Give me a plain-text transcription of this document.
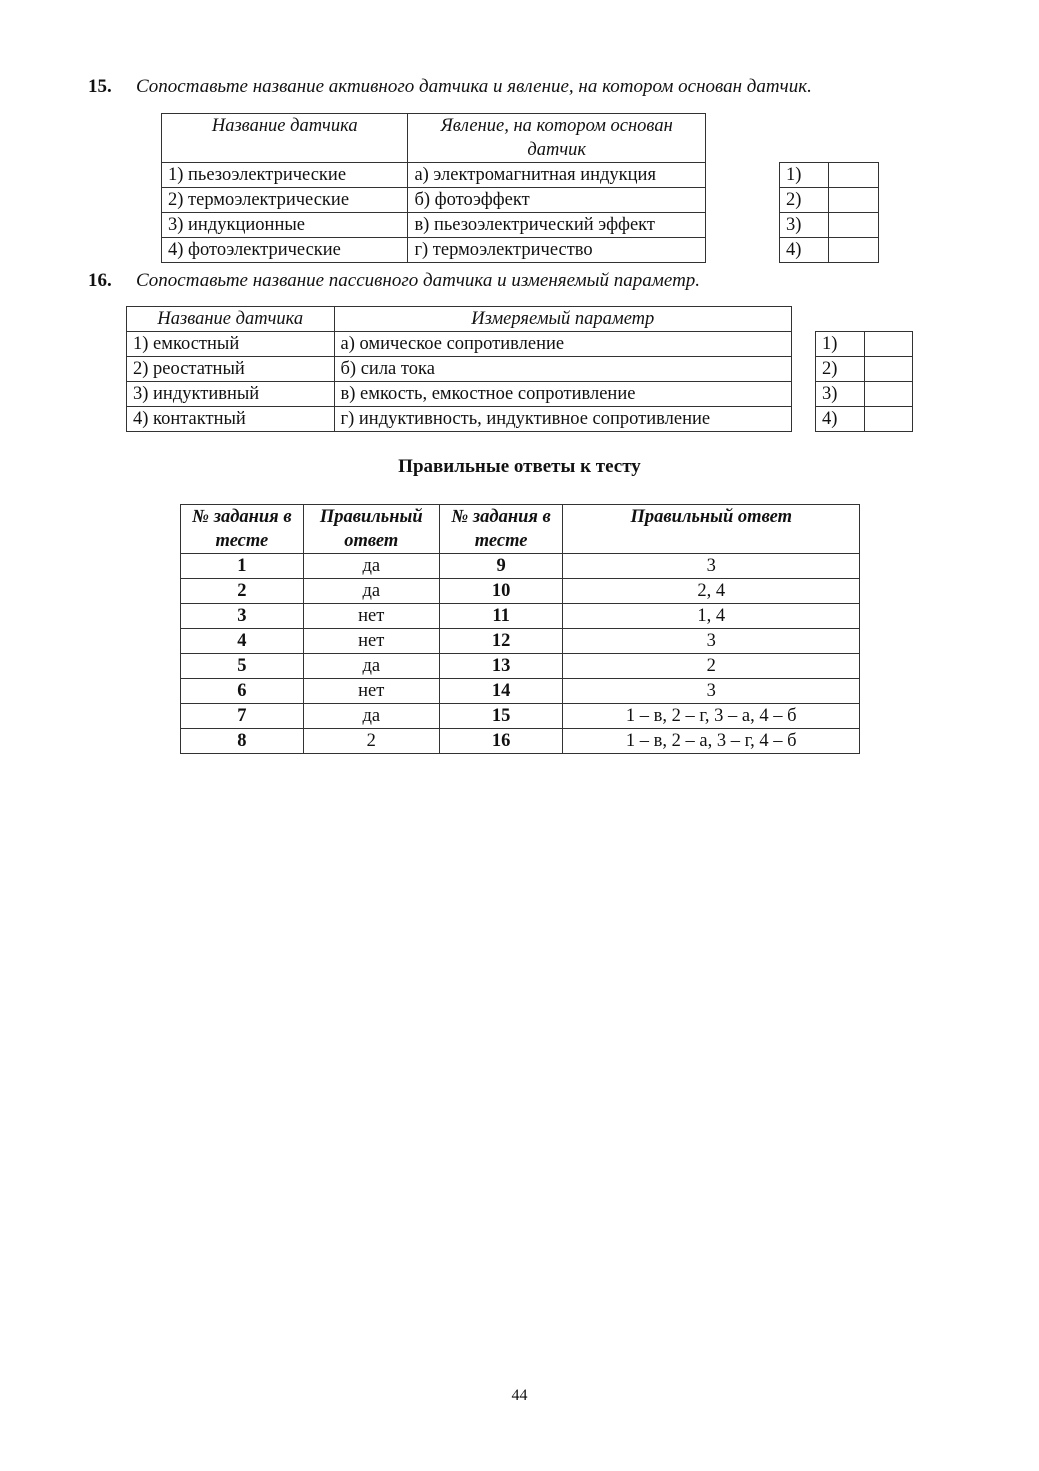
15. Сопоставьте название активного датчика и явление, на котором основан датчик.
Название датчика	Явление, на котором основан датчик
1) пьезоэлектрические	а) электромагнитная индукция
2) термоэлектрические	б) фотоэффект
3) индукционные	в) пьезоэлектрический эффект
4) фотоэлектрические	г) термоэлектричество
1)	
2)	
3)	
4)	
16. Сопоставьте название пассивного датчика и изменяемый параметр.
Название датчика	Измеряемый параметр
1) емкостный	а) омическое сопротивление
2) реостатный	б) сила тока
3) индуктивный	в) емкость, емкостное сопротивление
4) контактный	г) индуктивность, индуктивное сопротивление
1)	
2)	
3)	
4)	
Правильные ответы к тесту
№ задания в тесте	Правильный ответ	№ задания в тесте	Правильный ответ
1	да	9	3
2	да	10	2, 4
3	нет	11	1, 4
4	нет	12	3
5	да	13	2
6	нет	14	3
7	да	15	1 – в, 2 – г, 3 – а, 4 – б
8	2	16	1 – в, 2 – а, 3 – г, 4 – б
44
